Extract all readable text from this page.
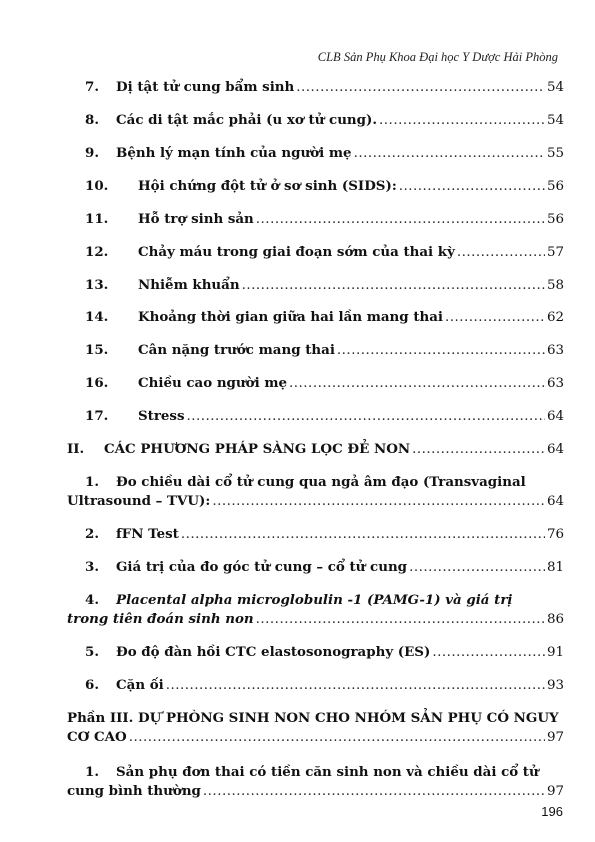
CLB Sản Phụ Khoa Đại học Y Dược Hải Phòng
7.	Dị tật tử cung bẩm sinh .....	54
8.	Các di tật mắc phải (u xơ tử cung). .....	54
9.	Bệnh lý mạn tính của người mẹ .....	55
10.	Hội chứng đột tử ở sơ sinh (SIDS): .....	56
11.	Hỗ trợ sinh sản .....	56
12.	Chảy máu trong giai đoạn sớm của thai kỳ .....	57
13.	Nhiễm khuẩn .....	58
14.	Khoảng thời gian giữa hai lần mang thai .....	62
15.	Cân nặng trước mang thai .....	63
16.	Chiều cao người mẹ .....	63
17.	Stress .....	64
II.	CÁC PHƯƠNG PHÁP SÀNG LỌC ĐẺ NON .....	64
1. Đo chiều dài cổ tử cung qua ngả âm đạo (Transvaginal
Ultrasound – TVU): .....	64
2.	fFN Test .....	76
3.	Giá trị của đo góc tử cung – cổ tử cung .....	81
4. Placental alpha microglobulin -1 (PAMG-1) và giá trị
trong tiên đoán sinh non .....	86
5.	Đo độ đàn hồi CTC elastosonography (ES) .....	91
6.	Cặn ối .....	93
Phần III. DỰ PHÒNG SINH NON CHO NHÓM SẢN PHỤ CÓ NGUY
CƠ CAO .....	97
1. Sản phụ đơn thai có tiền căn sinh non và chiều dài cổ tử
cung bình thường .....	97
196
